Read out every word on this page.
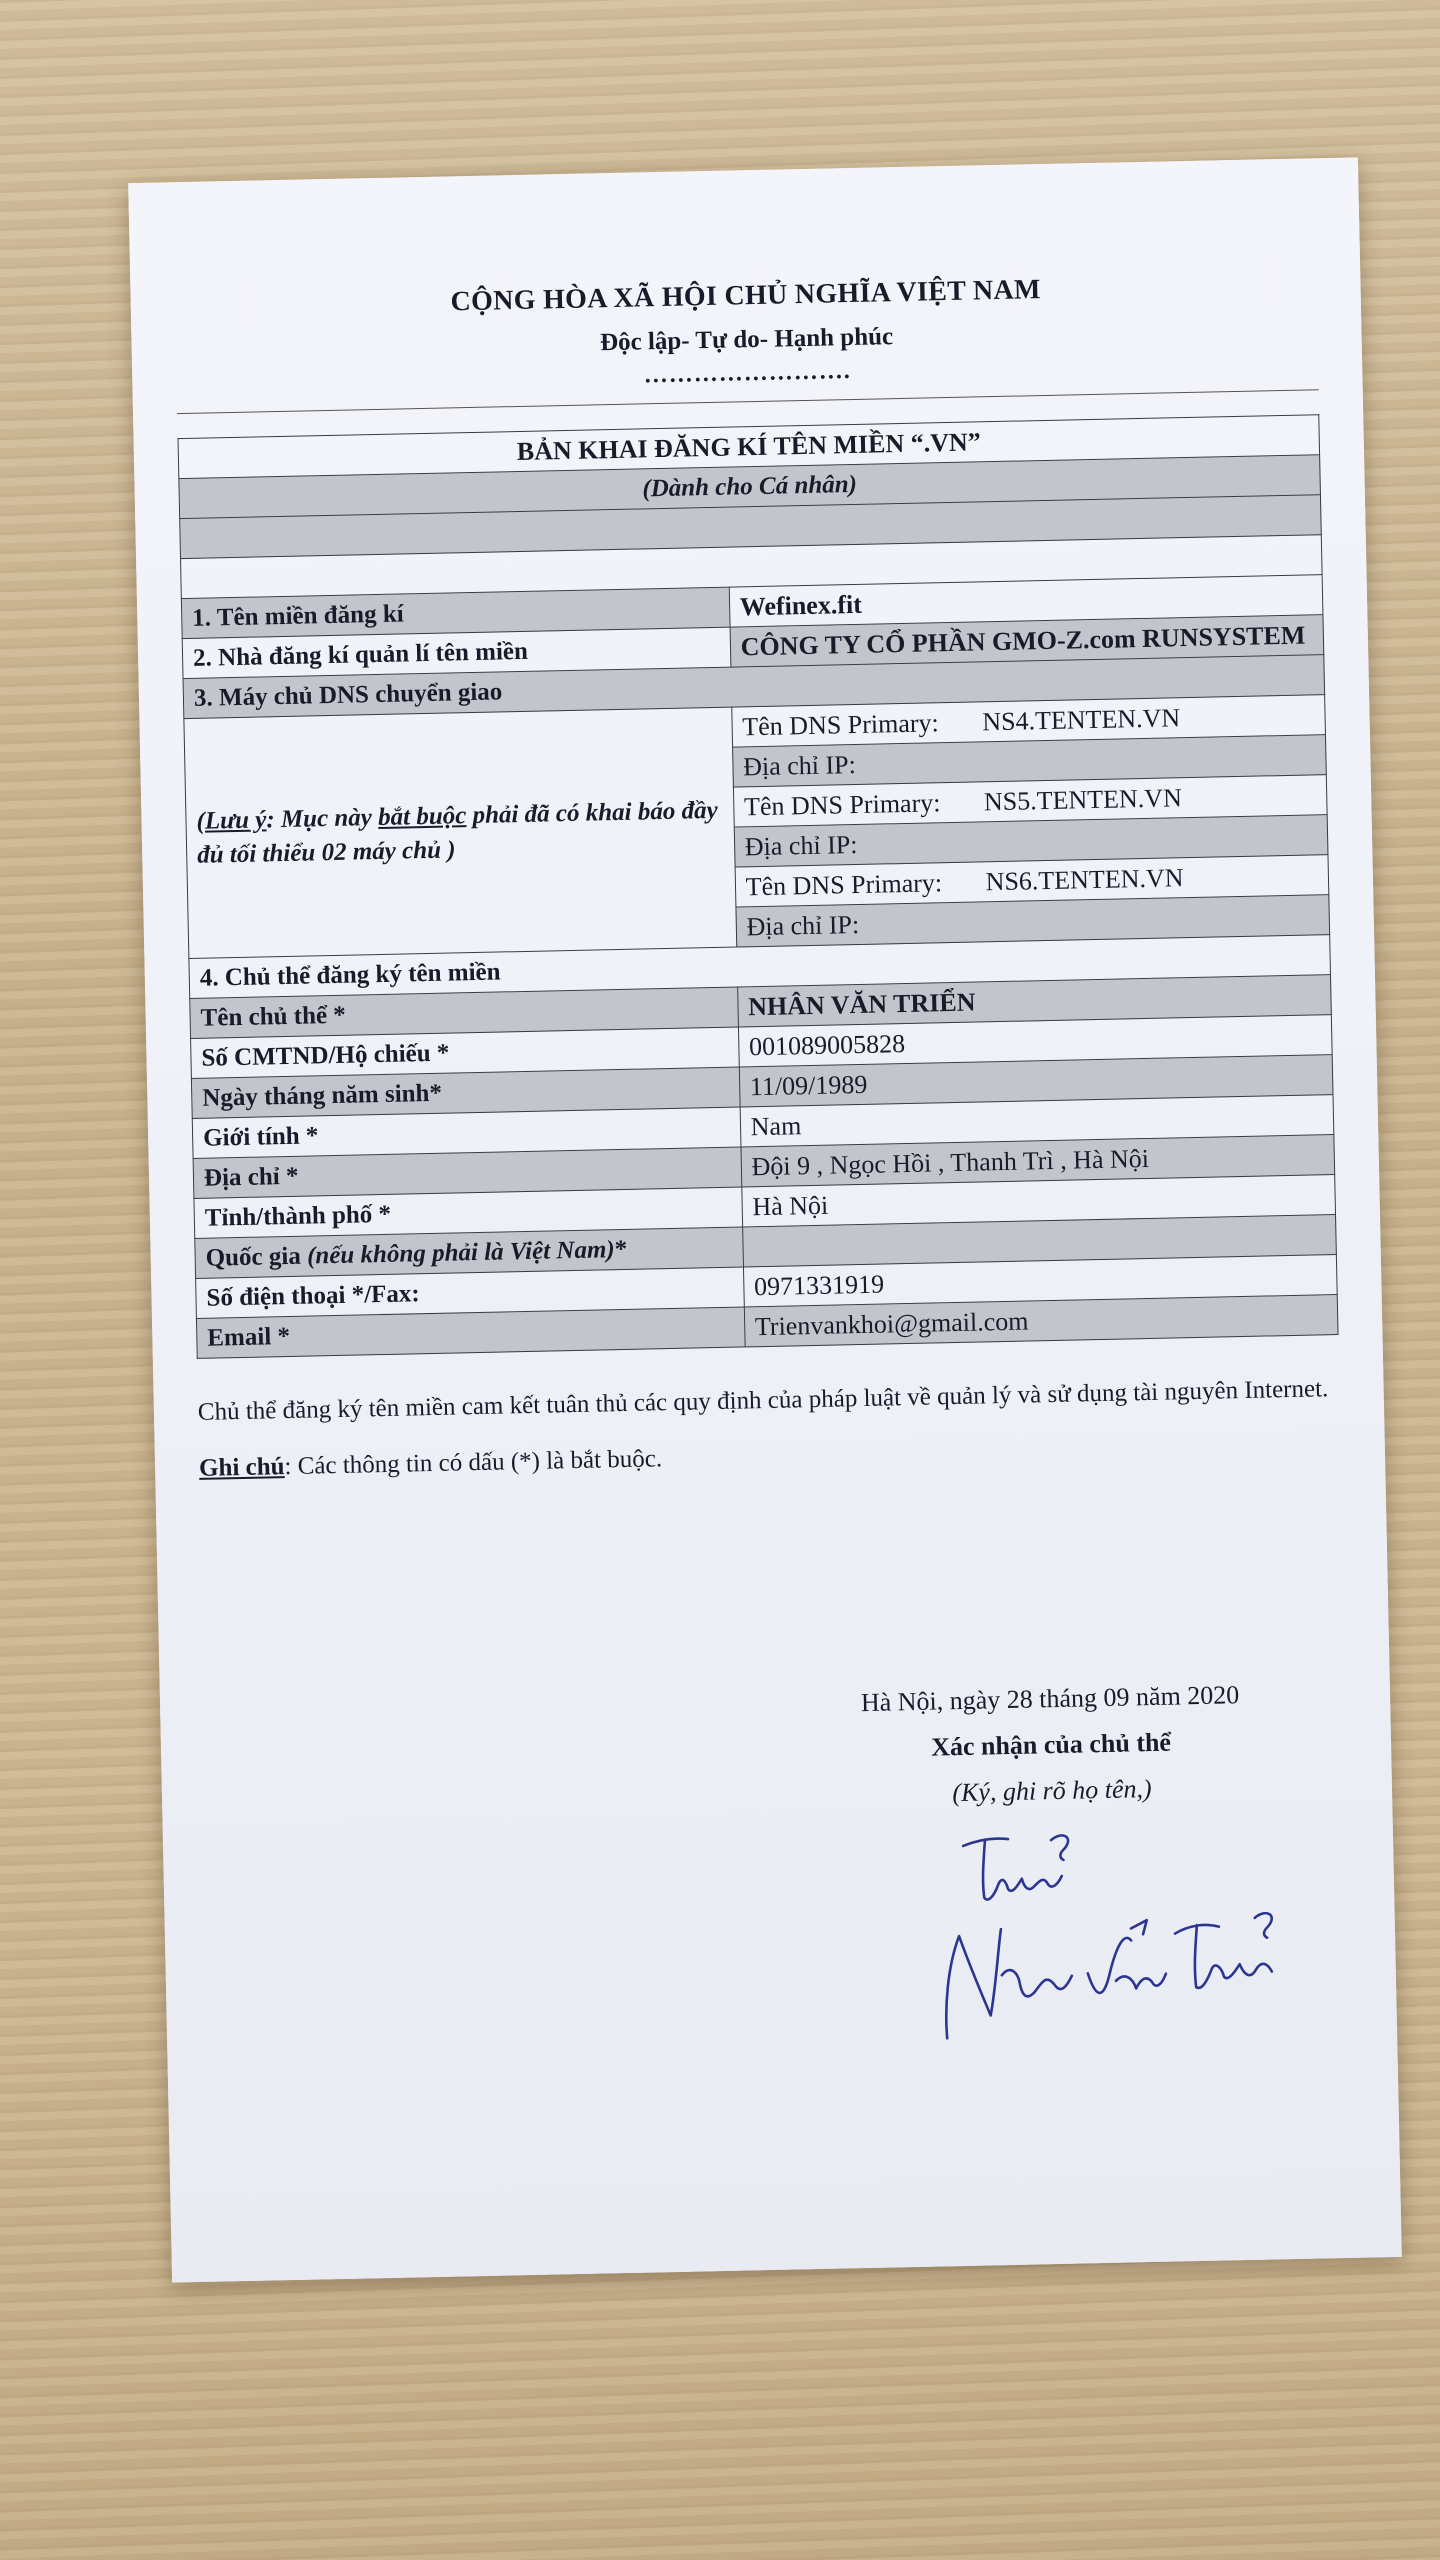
CỘNG HÒA XÃ HỘI CHỦ NGHĨA VIỆT NAM
Độc lập- Tự do- Hạnh phúc
…………………….
BẢN KHAI ĐĂNG KÍ TÊN MIỀN “.VN”	
(Dành cho Cá nhân)	

1. Tên miền đăng kí	Wefinex.fit
2. Nhà đăng kí quản lí tên miền	CÔNG TY CỔ PHẦN GMO-Z.com RUNSYSTEM
3. Máy chủ DNS chuyển giao	
(Lưu ý: Mục này bắt buộc phải đã có khai báo đầy đủ tối thiểu 02 máy chủ )	Tên DNS Primary: NS4.TENTEN.VN
	Địa chỉ IP:
	Tên DNS Primary: NS5.TENTEN.VN
	Địa chỉ IP:
	Tên DNS Primary: NS6.TENTEN.VN
	Địa chỉ IP:
4. Chủ thể đăng ký tên miền	
Tên chủ thể *	NHÂN VĂN TRIỂN
Số CMTND/Hộ chiếu *	001089005828
Ngày tháng năm sinh*	11/09/1989
Giới tính *	Nam
Địa chỉ *	Đội 9 , Ngọc Hồi , Thanh Trì , Hà Nội
Tỉnh/thành phố *	Hà Nội
Quốc gia (nếu không phải là Việt Nam)*	
Số điện thoại */Fax:	0971331919
Email *	Trienvankhoi@gmail.com
Chủ thể đăng ký tên miền cam kết tuân thủ các quy định của pháp luật về quản lý và sử dụng tài nguyên Internet.
Ghi chú: Các thông tin có dấu (*) là bắt buộc.
Hà Nội, ngày 28 tháng 09 năm 2020
Xác nhận của chủ thể
(Ký, ghi rõ họ tên,)
